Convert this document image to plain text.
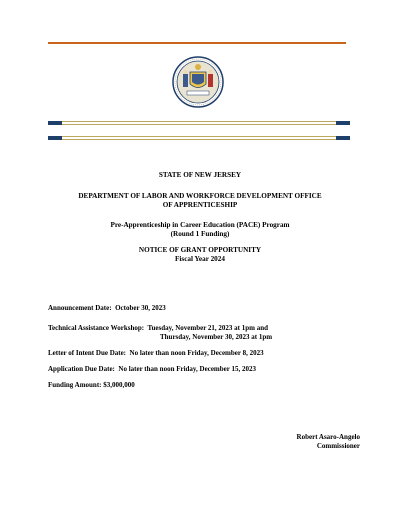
STATE OF NEW JERSEY
DEPARTMENT OF LABOR AND WORKFORCE DEVELOPMENT OFFICE
OF APPRENTICESHIP
Pre-Apprenticeship in Career Education (PACE) Program
(Round 1 Funding)
NOTICE OF GRANT OPPORTUNITY
Fiscal Year 2024
Announcement Date: October 30, 2023
Technical Assistance Workshop: Tuesday, November 21, 2023 at 1pm and
Thursday, November 30, 2023 at 1pm
Letter of Intent Due Date: No later than noon Friday, December 8, 2023
Application Due Date: No later than noon Friday, December 15, 2023
Funding Amount: $3,000,000
Robert Asaro-Angelo
Commissioner
